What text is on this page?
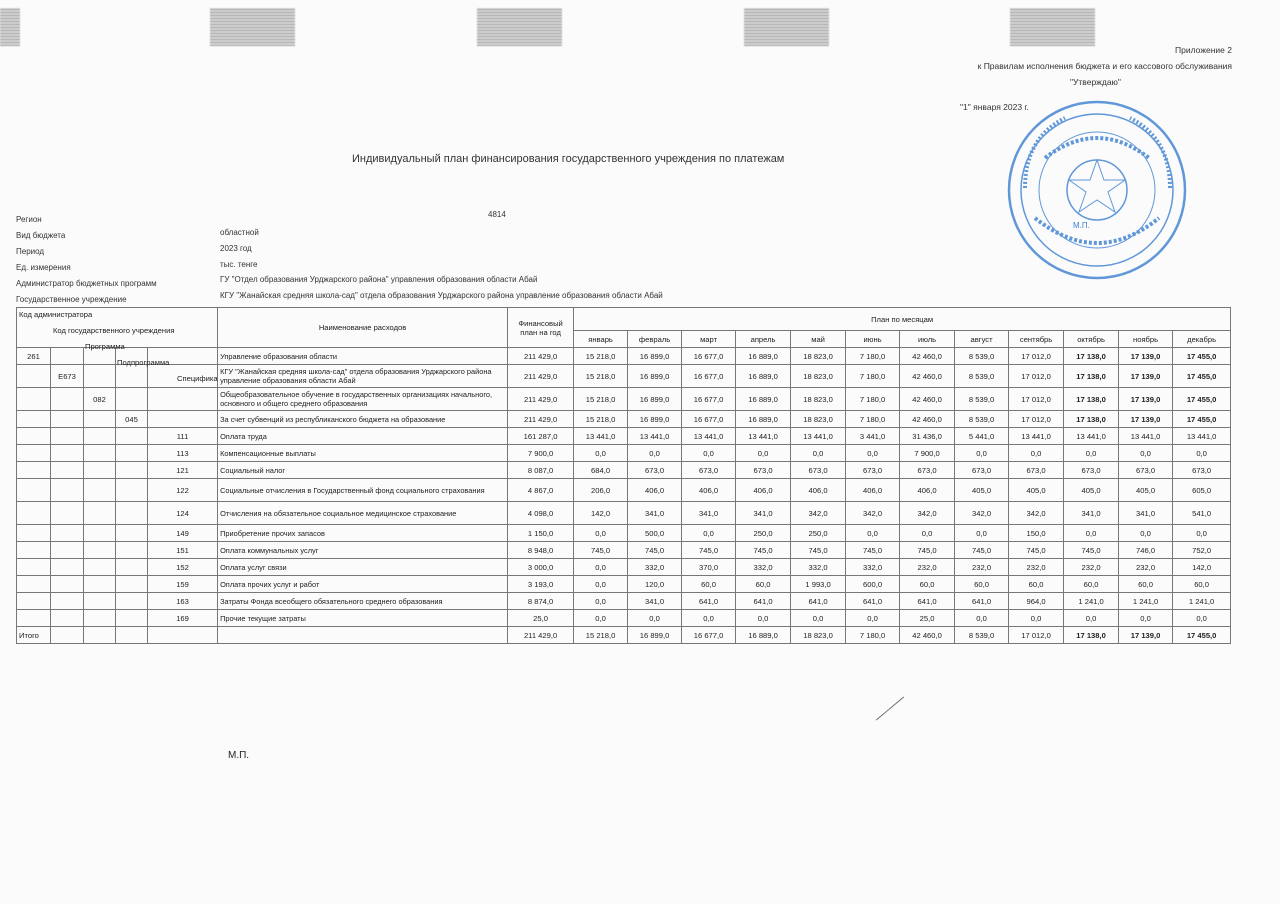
Приложение 2
к Правилам исполнения бюджета и его кассового обслуживания
"Утверждаю"
"1" января 2023 г.
М.П.
Индивидуальный план финансирования государственного учреждения по платежам
4814
Регион
Вид бюджета	областной
Период	2023 год
Ед. измерения	тыс. тенге
Администратор бюджетных программ	ГУ "Отдел образования Урджарского района" управления образования области Абай
Государственное учреждение	КГУ "Жанайская средняя школа-сад" отдела образования Урджарского района управление образования области Абай
Код администратора
Код государственного учреждения
Программа
Подпрограмма
Специфика					Наименование расходов	Финансовый план на год	План по месяцам											
							январь	февраль	март	апрель	май	июнь	июль	август	сентябрь	октябрь	ноябрь	декабрь
261					Управление образования области	211 429,0	15 218,0	16 899,0	16 677,0	16 889,0	18 823,0	7 180,0	42 460,0	8 539,0	17 012,0	17 138,0	17 139,0	17 455,0
	E673				КГУ "Жанайская средняя школа-сад" отдела образования Урджарского района управление образования области Абай	211 429,0	15 218,0	16 899,0	16 677,0	16 889,0	18 823,0	7 180,0	42 460,0	8 539,0	17 012,0	17 138,0	17 139,0	17 455,0
		082			Общеобразовательное обучение в государственных организациях начального, основного и общего среднего образования	211 429,0	15 218,0	16 899,0	16 677,0	16 889,0	18 823,0	7 180,0	42 460,0	8 539,0	17 012,0	17 138,0	17 139,0	17 455,0
			045		За счет субвенций из республиканского бюджета на образование	211 429,0	15 218,0	16 899,0	16 677,0	16 889,0	18 823,0	7 180,0	42 460,0	8 539,0	17 012,0	17 138,0	17 139,0	17 455,0
				111	Оплата труда	161 287,0	13 441,0	13 441,0	13 441,0	13 441,0	13 441,0	3 441,0	31 436,0	5 441,0	13 441,0	13 441,0	13 441,0	13 441,0
				113	Компенсационные выплаты	7 900,0	0,0	0,0	0,0	0,0	0,0	0,0	7 900,0	0,0	0,0	0,0	0,0	0,0
				121	Социальный налог	8 087,0	684,0	673,0	673,0	673,0	673,0	673,0	673,0	673,0	673,0	673,0	673,0	673,0
				122	Социальные отчисления в Государственный фонд социального страхования	4 867,0	206,0	406,0	406,0	406,0	406,0	406,0	406,0	405,0	405,0	405,0	405,0	605,0
				124	Отчисления на обязательное социальное медицинское страхование	4 098,0	142,0	341,0	341,0	341,0	342,0	342,0	342,0	342,0	342,0	341,0	341,0	541,0
				149	Приобретение прочих запасов	1 150,0	0,0	500,0	0,0	250,0	250,0	0,0	0,0	0,0	150,0	0,0	0,0	0,0
				151	Оплата коммунальных услуг	8 948,0	745,0	745,0	745,0	745,0	745,0	745,0	745,0	745,0	745,0	745,0	746,0	752,0
				152	Оплата услуг связи	3 000,0	0,0	332,0	370,0	332,0	332,0	332,0	232,0	232,0	232,0	232,0	232,0	142,0
				159	Оплата прочих услуг и работ	3 193,0	0,0	120,0	60,0	60,0	1 993,0	600,0	60,0	60,0	60,0	60,0	60,0	60,0
				163	Затраты Фонда всеобщего обязательного среднего образования	8 874,0	0,0	341,0	641,0	641,0	641,0	641,0	641,0	641,0	964,0	1 241,0	1 241,0	1 241,0
				169	Прочие текущие затраты	25,0	0,0	0,0	0,0	0,0	0,0	0,0	25,0	0,0	0,0	0,0	0,0	0,0
Итого						211 429,0	15 218,0	16 899,0	16 677,0	16 889,0	18 823,0	7 180,0	42 460,0	8 539,0	17 012,0	17 138,0	17 139,0	17 455,0
М.П.
